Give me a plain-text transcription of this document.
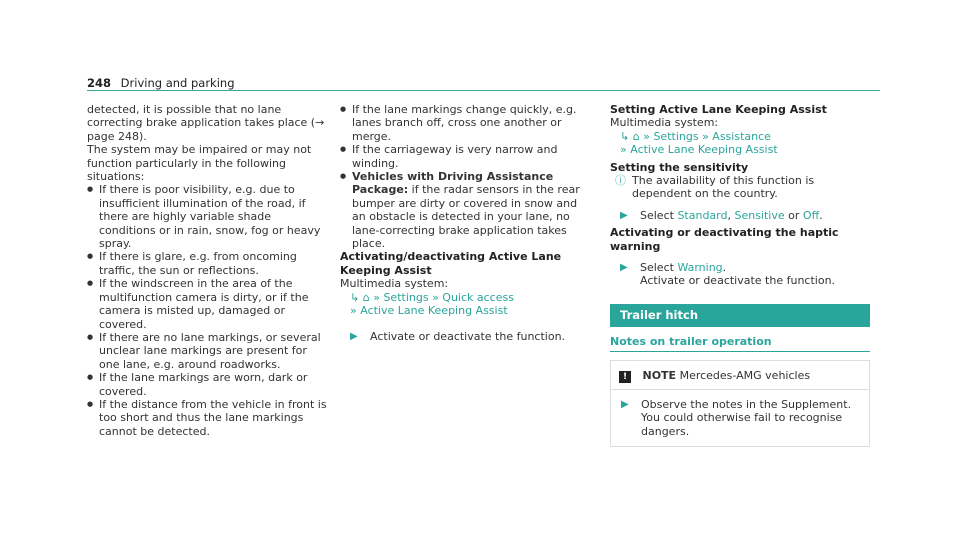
248 Driving and parking

detected, it is possible that no lane correcting brake application takes place (→ page 248).

The system may be impaired or may not function particularly in the following situations:

● If there is poor visibility, e.g. due to insufficient illumination of the road, if there are highly variable shade conditions or in rain, snow, fog or heavy spray.

● If there is glare, e.g. from oncoming traffic, the sun or reflections.

● If the windscreen in the area of the multifunction camera is dirty, or if the camera is misted up, damaged or covered.

● If there are no lane markings, or several unclear lane markings are present for one lane, e.g. around roadworks.

● If the lane markings are worn, dark or covered.

● If the distance from the vehicle in front is too short and thus the lane markings cannot be detected.

● If the lane markings change quickly, e.g. lanes branch off, cross one another or merge.

● If the carriageway is very narrow and winding.

● Vehicles with Driving Assistance Package: if the radar sensors in the rear bumper are dirty or covered in snow and an obstacle is detected in your lane, no lane-correcting brake application takes place.

Activating/deactivating Active Lane Keeping Assist

Multimedia system:

↳ ⌂ » Settings » Quick access

» Active Lane Keeping Assist

▶ Activate or deactivate the function.

Setting Active Lane Keeping Assist

Multimedia system:

↳ ⌂ » Settings » Assistance

» Active Lane Keeping Assist

Setting the sensitivity

ⓘ The availability of this function is dependent on the country.

▶ Select Standard, Sensitive or Off.

Activating or deactivating the haptic warning

▶ Select Warning.
Activate or deactivate the function.

Trailer hitch
Notes on trailer operation
! NOTE Mercedes-AMG vehicles

▶ Observe the notes in the Supplement. You could otherwise fail to recognise dangers.
